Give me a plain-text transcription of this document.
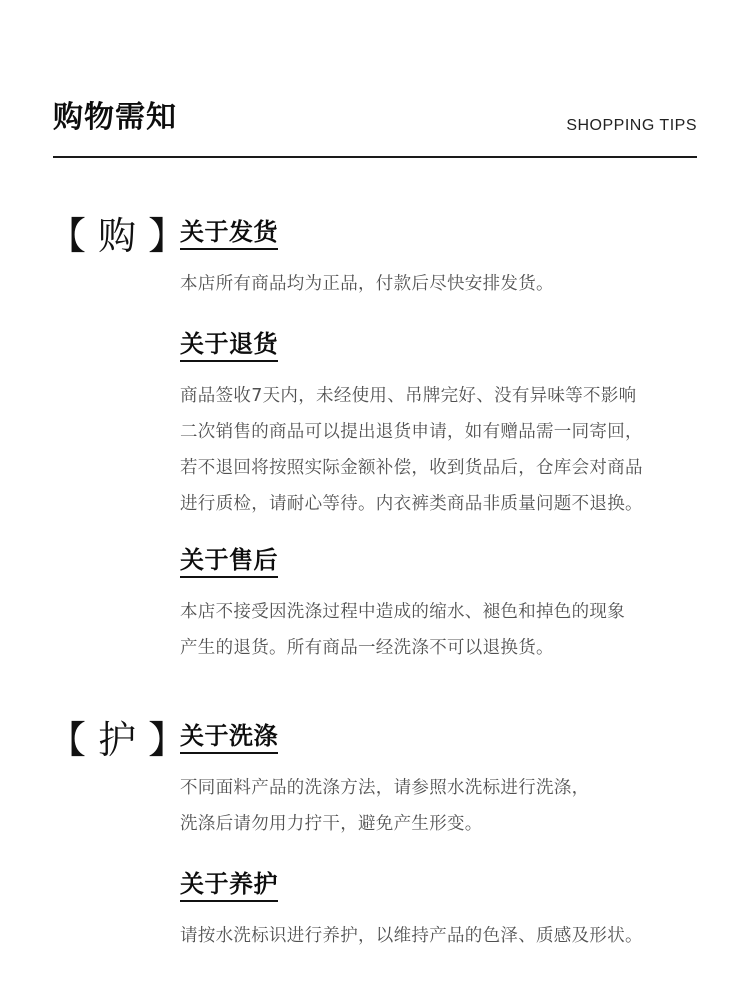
购物需知	SHOPPING TIPS
【 购 】
关于发货

本店所有商品均为正品，付款后尽快安排发货。

关于退货

商品签收7天内，未经使用、吊牌完好、没有异味等不影响

二次销售的商品可以提出退货申请，如有赠品需一同寄回，

若不退回将按照实际金额补偿，收到货品后，仓库会对商品

进行质检，请耐心等待。内衣裤类商品非质量问题不退换。

关于售后

本店不接受因洗涤过程中造成的缩水、褪色和掉色的现象

产生的退货。所有商品一经洗涤不可以退换货。

【 护 】
关于洗涤

不同面料产品的洗涤方法，请参照水洗标进行洗涤，

洗涤后请勿用力拧干，避免产生形变。

关于养护

请按水洗标识进行养护，以维持产品的色泽、质感及形状。
